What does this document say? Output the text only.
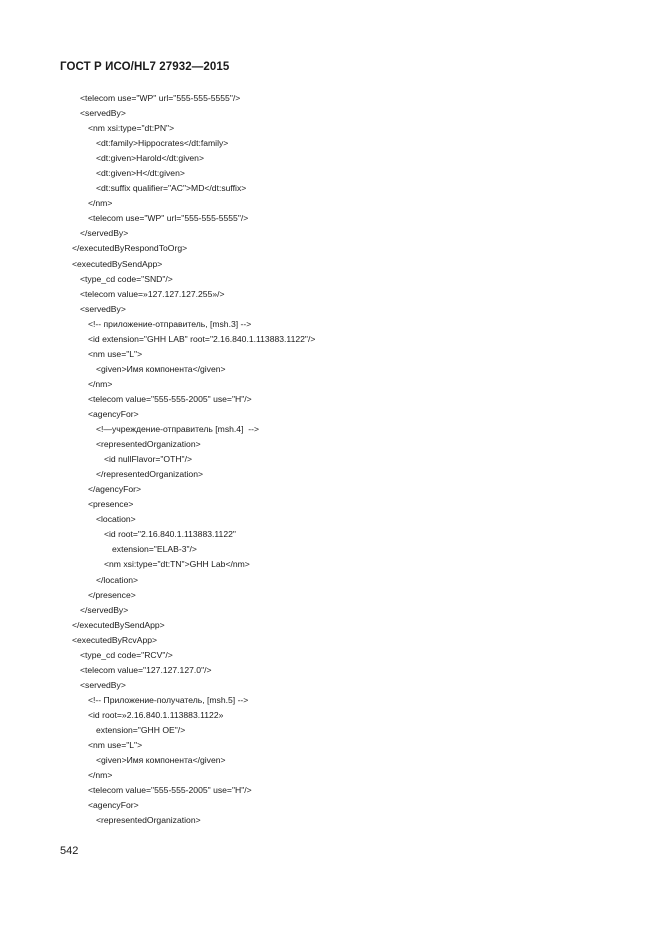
ГОСТ Р ИСО/HL7 27932—2015
<telecom use="WP" url="555-555-5555"/>
<servedBy>
<nm xsi:type="dt:PN">
<dt:family>Hippocrates</dt:family>
<dt:given>Harold</dt:given>
<dt:given>H</dt:given>
<dt:suffix qualifier="AC">MD</dt:suffix>
</nm>
<telecom use="WP" url="555-555-5555"/>
</servedBy>
</executedByRespondToOrg>
<executedBySendApp>
<type_cd code="SND"/>
<telecom value=»127.127.127.255»/>
<servedBy>
<!-- приложение-отправитель, [msh.3] -->
<id extension="GHH LAB" root="2.16.840.1.113883.1122"/>
<nm use="L">
<given>Имя компонента</given>
</nm>
<telecom value="555-555-2005" use="H"/>
<agencyFor>
<!—учреждение-отправитель [msh.4]  -->
<representedOrganization>
<id nullFlavor="OTH"/>
</representedOrganization>
</agencyFor>
<presence>
<location>
<id root="2.16.840.1.113883.1122"
extension="ELAB-3"/>
<nm xsi:type="dt:TN">GHH Lab</nm>
</location>
</presence>
</servedBy>
</executedBySendApp>
<executedByRcvApp>
<type_cd code="RCV"/>
<telecom value="127.127.127.0"/>
<servedBy>
<!-- Приложение-получатель, [msh.5] -->
<id root=»2.16.840.1.113883.1122»
extension="GHH OE"/>
<nm use="L">
<given>Имя компонента</given>
</nm>
<telecom value="555-555-2005" use="H"/>
<agencyFor>
<representedOrganization>
542
